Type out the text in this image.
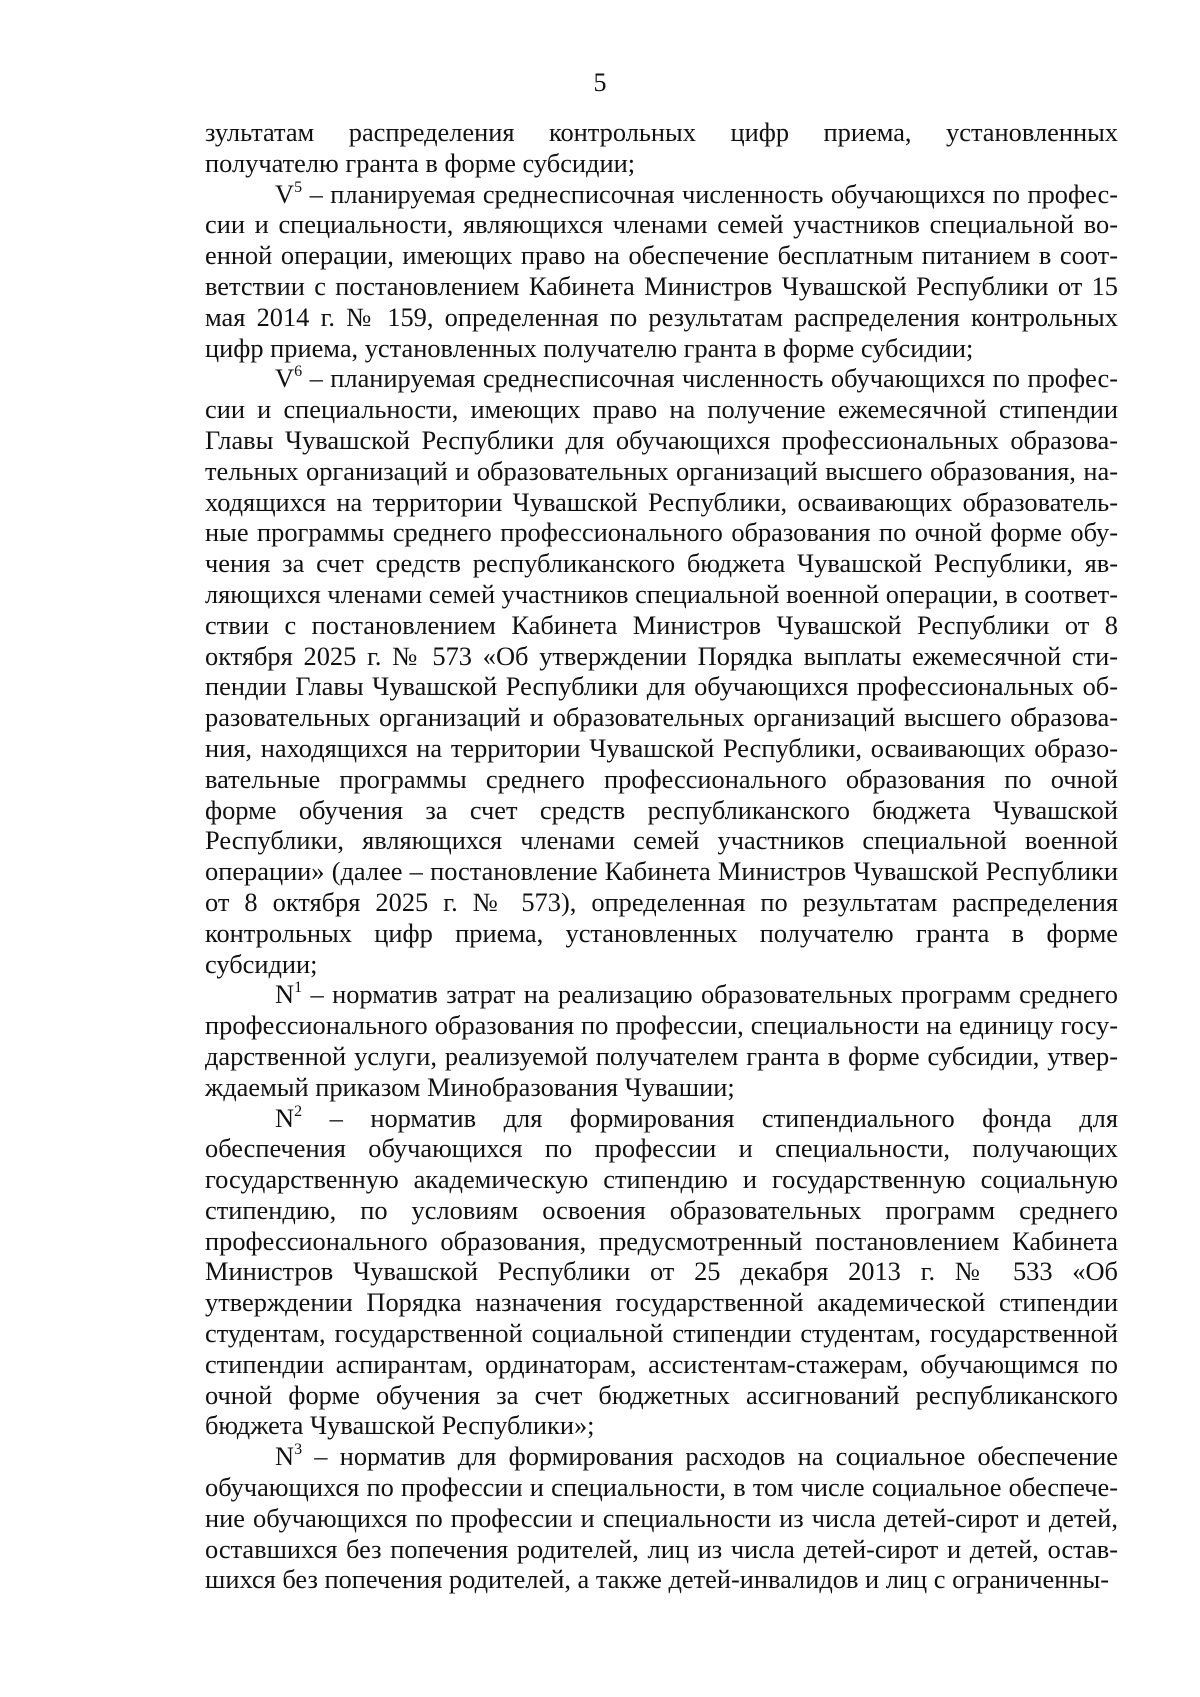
5

зультатам распределения контрольных цифр приема, установленных получателю гранта в форме субсидии;

$V^5$ – планируемая среднесписочная численность обучающихся по профессии и специальности, являющихся членами семей участников специальной военной операции, имеющих право на обеспечение бесплатным питанием в соответствии с постановлением Кабинета Министров Чувашской Республики от 15 мая 2014 г. № 159, определенная по результатам распределения контрольных цифр приема, установленных получателю гранта в форме субсидии;

$V^6$ – планируемая среднесписочная численность обучающихся по профессии и специальности, имеющих право на получение ежемесячной стипендии Главы Чувашской Республики для обучающихся профессиональных образовательных организаций и образовательных организаций высшего образования, находящихся на территории Чувашской Республики, осваивающих образовательные программы среднего профессионального образования по очной форме обучения за счет средств республиканского бюджета Чувашской Республики, являющихся членами семей участников специальной военной операции, в соответствии с постановлением Кабинета Министров Чувашской Республики от 8 октября 2025 г. № 573 «Об утверждении Порядка выплаты ежемесячной стипендии Главы Чувашской Республики для обучающихся профессиональных образовательных организаций и образовательных организаций высшего образования, находящихся на территории Чувашской Республики, осваивающих образовательные программы среднего профессионального образования по очной форме обучения за счет средств республиканского бюджета Чувашской Республики, являющихся членами семей участников специальной военной операции» (далее – постановление Кабинета Министров Чувашской Республики от 8 октября 2025 г. № 573), определенная по результатам распределения контрольных цифр приема, установленных получателю гранта в форме субсидии;

$N^1$ – норматив затрат на реализацию образовательных программ среднего профессионального образования по профессии, специальности на единицу государственной услуги, реализуемой получателем гранта в форме субсидии, утверждаемый приказом Минобразования Чувашии;

$N^2$ – норматив для формирования стипендиального фонда для обеспечения обучающихся по профессии и специальности, получающих государственную академическую стипендию и государственную социальную стипендию, по условиям освоения образовательных программ среднего профессионального образования, предусмотренный постановлением Кабинета Министров Чувашской Республики от 25 декабря 2013 г. № 533 «Об утверждении Порядка назначения государственной академической стипендии студентам, государственной социальной стипендии студентам, государственной стипендии аспирантам, ординаторам, ассистентам-стажерам, обучающимся по очной форме обучения за счет бюджетных ассигнований республиканского бюджета Чувашской Республики»;

$N^3$ – норматив для формирования расходов на социальное обеспечение обучающихся по профессии и специальности, в том числе социальное обеспечение обучающихся по профессии и специальности из числа детей-сирот и детей, оставшихся без попечения родителей, лиц из числа детей-сирот и детей, оставшихся без попечения родителей, а также детей-инвалидов и лиц с ограниченны-
